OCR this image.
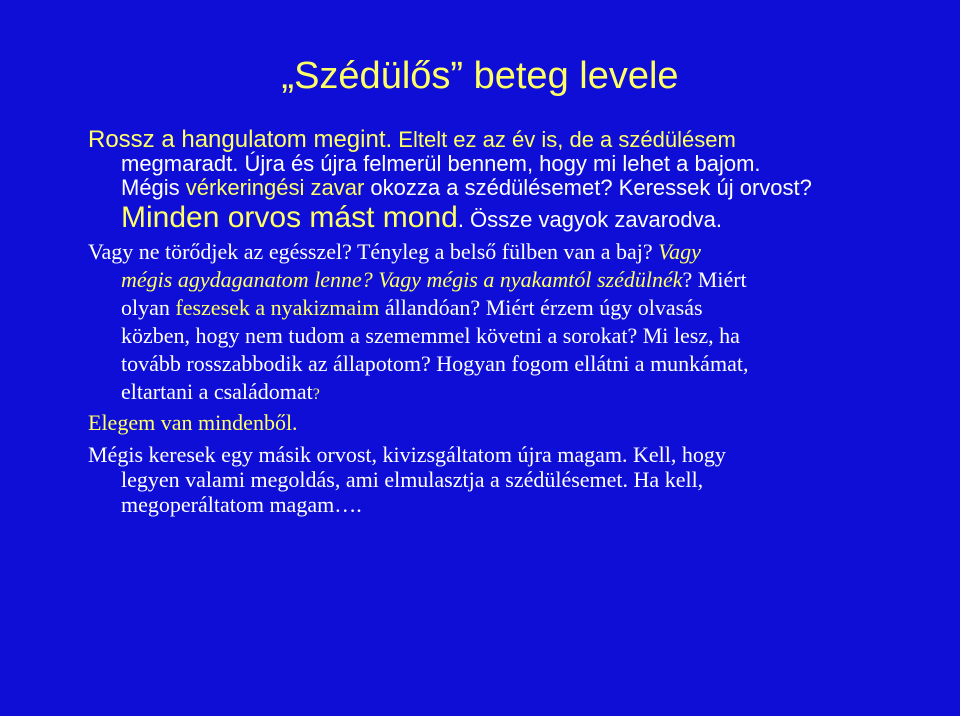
„Szédülős” beteg levele
Rossz a hangulatom megint. Eltelt ez az év is, de a szédülésem
megmaradt. Újra és újra felmerül bennem, hogy mi lehet a bajom.
Mégis vérkeringési zavar okozza a szédülésemet? Keressek új orvost?
Minden orvos mást mond. Össze vagyok zavarodva.
Vagy ne törődjek az egésszel? Tényleg a belső fülben van a baj? Vagy
mégis agydaganatom lenne? Vagy mégis a nyakamtól szédülnék? Miért
olyan feszesek a nyakizmaim állandóan? Miért érzem úgy olvasás
közben, hogy nem tudom a szememmel követni a sorokat? Mi lesz, ha
tovább rosszabbodik az állapotom? Hogyan fogom ellátni a munkámat,
eltartani a családomat?
Elegem van mindenből.
Mégis keresek egy másik orvost, kivizsgáltatom újra magam. Kell, hogy
legyen valami megoldás, ami elmulasztja a szédülésemet. Ha kell,
megoperáltatom magam….
